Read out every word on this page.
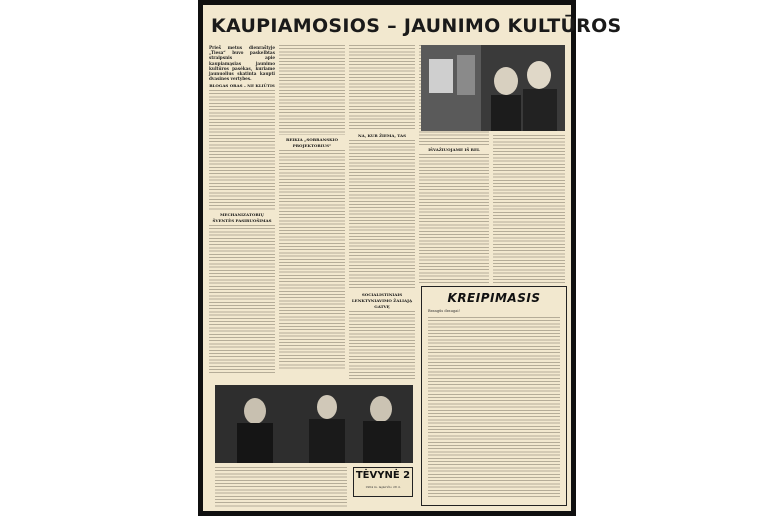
KAUPIAMOSIOS – JAUNIMO KULTŪROS
Prieš metus dienraštyje „Tiesa“ buvo paskelbtas straipsnis apie kaupiamąsias jaunimo kultūros pasėkas, kuriame jaunuolius skatinta kaupti dvasines vertybes.
BLOGAS ORAS – NE KLIŪTIS
MECHANIZATORIŲ ŠVENTĖS PASIRUOŠIMAS
REIKIA „SOBRANSKIO PROJEKTORIUS“
NA, KUR ŽIEMA, TAS
SOCIALISTINIAIS LENKTYNIAVIMO ŽALIAJĄ GATVĘ
IŠVAŽIUOJAME IŠ REL
TĖVYNĖ 2
1964 m. lapkričio 28 d.
KREIPIMASIS
Brangūs draugai!
